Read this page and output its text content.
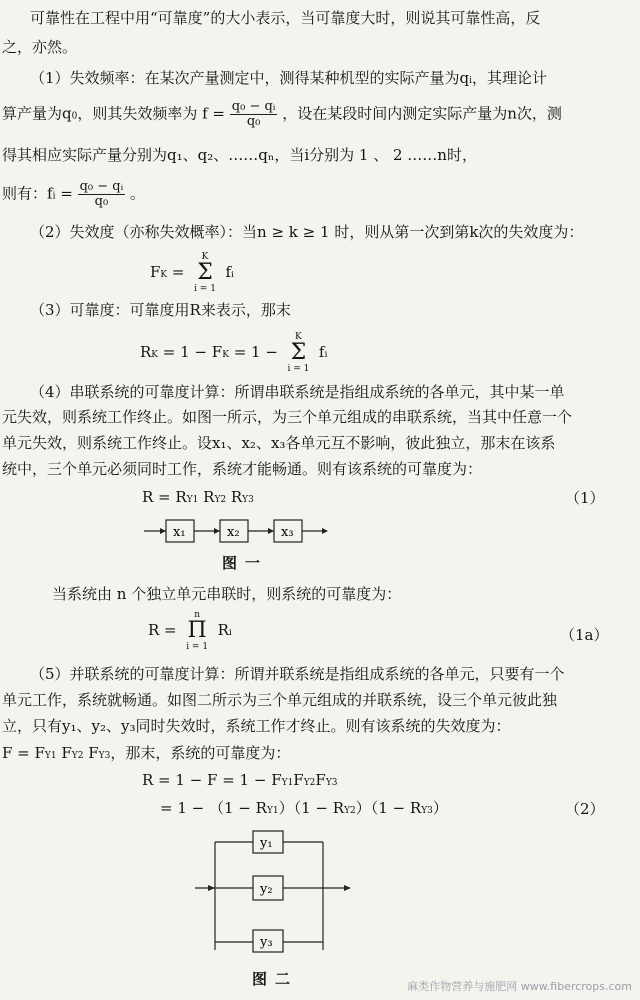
可靠性在工程中用“可靠度”的大小表示，当可靠度大时，则说其可靠性高，反
之，亦然。
（1）失效频率：在某次产量测定中，测得某种机型的实际产量为qi，其理论计
算产量为q0，则其失效频率为 $f = \frac{\text{q₀ − qᵢ}}{\text{q₀}}$ ，设在某段时间内测定实际产量为n次，测
得其相应实际产量分别为q₁、q₂、……qₙ，当i分别为 1 、 2 ……n时，
则有：fi = $\frac{\text{q₀ − qᵢ}}{\text{q₀}}$ 。
（2）失效度（亦称失效概率）：当n ≥ k ≥ 1 时，则从第一次到第k次的失效度为：
FK =
K
Σ
i = 1
fᵢ
（3）可靠度：可靠度用R来表示，那末
RK = 1 − FK = 1 −
K
Σ
i = 1
fᵢ
（4）串联系统的可靠度计算：所谓串联系统是指组成系统的各单元，其中某一单
元失效，则系统工作终止。如图一所示，为三个单元组成的串联系统，当其中任意一个
单元失效，则系统工作终止。设x₁、x₂、x₃各单元互不影响，彼此独立，那末在该系
统中，三个单元必须同时工作，系统才能畅通。则有该系统的可靠度为：
R = RY1 RY2 RY3	（1）
x₁	x₂	x₃
图一
当系统由 n 个独立单元串联时，则系统的可靠度为：
R =
n
Π
i = 1
Rᵢ	（1a）
（5）并联系统的可靠度计算：所谓并联系统是指组成系统的各单元，只要有一个
单元工作，系统就畅通。如图二所示为三个单元组成的并联系统，设三个单元彼此独
立，只有y₁、y₂、y₃同时失效时，系统工作才终止。则有该系统的失效度为：
F = FY1 FY2 FY3，那末，系统的可靠度为：
R = 1 − F = 1 − FY1FY2FY3
= 1 − （1 − RY1）（1 − RY2）（1 − RY3）	（2）
y₁
y₂
y₃
图二	麻类作物营养与施肥网 www.fibercrops.com
